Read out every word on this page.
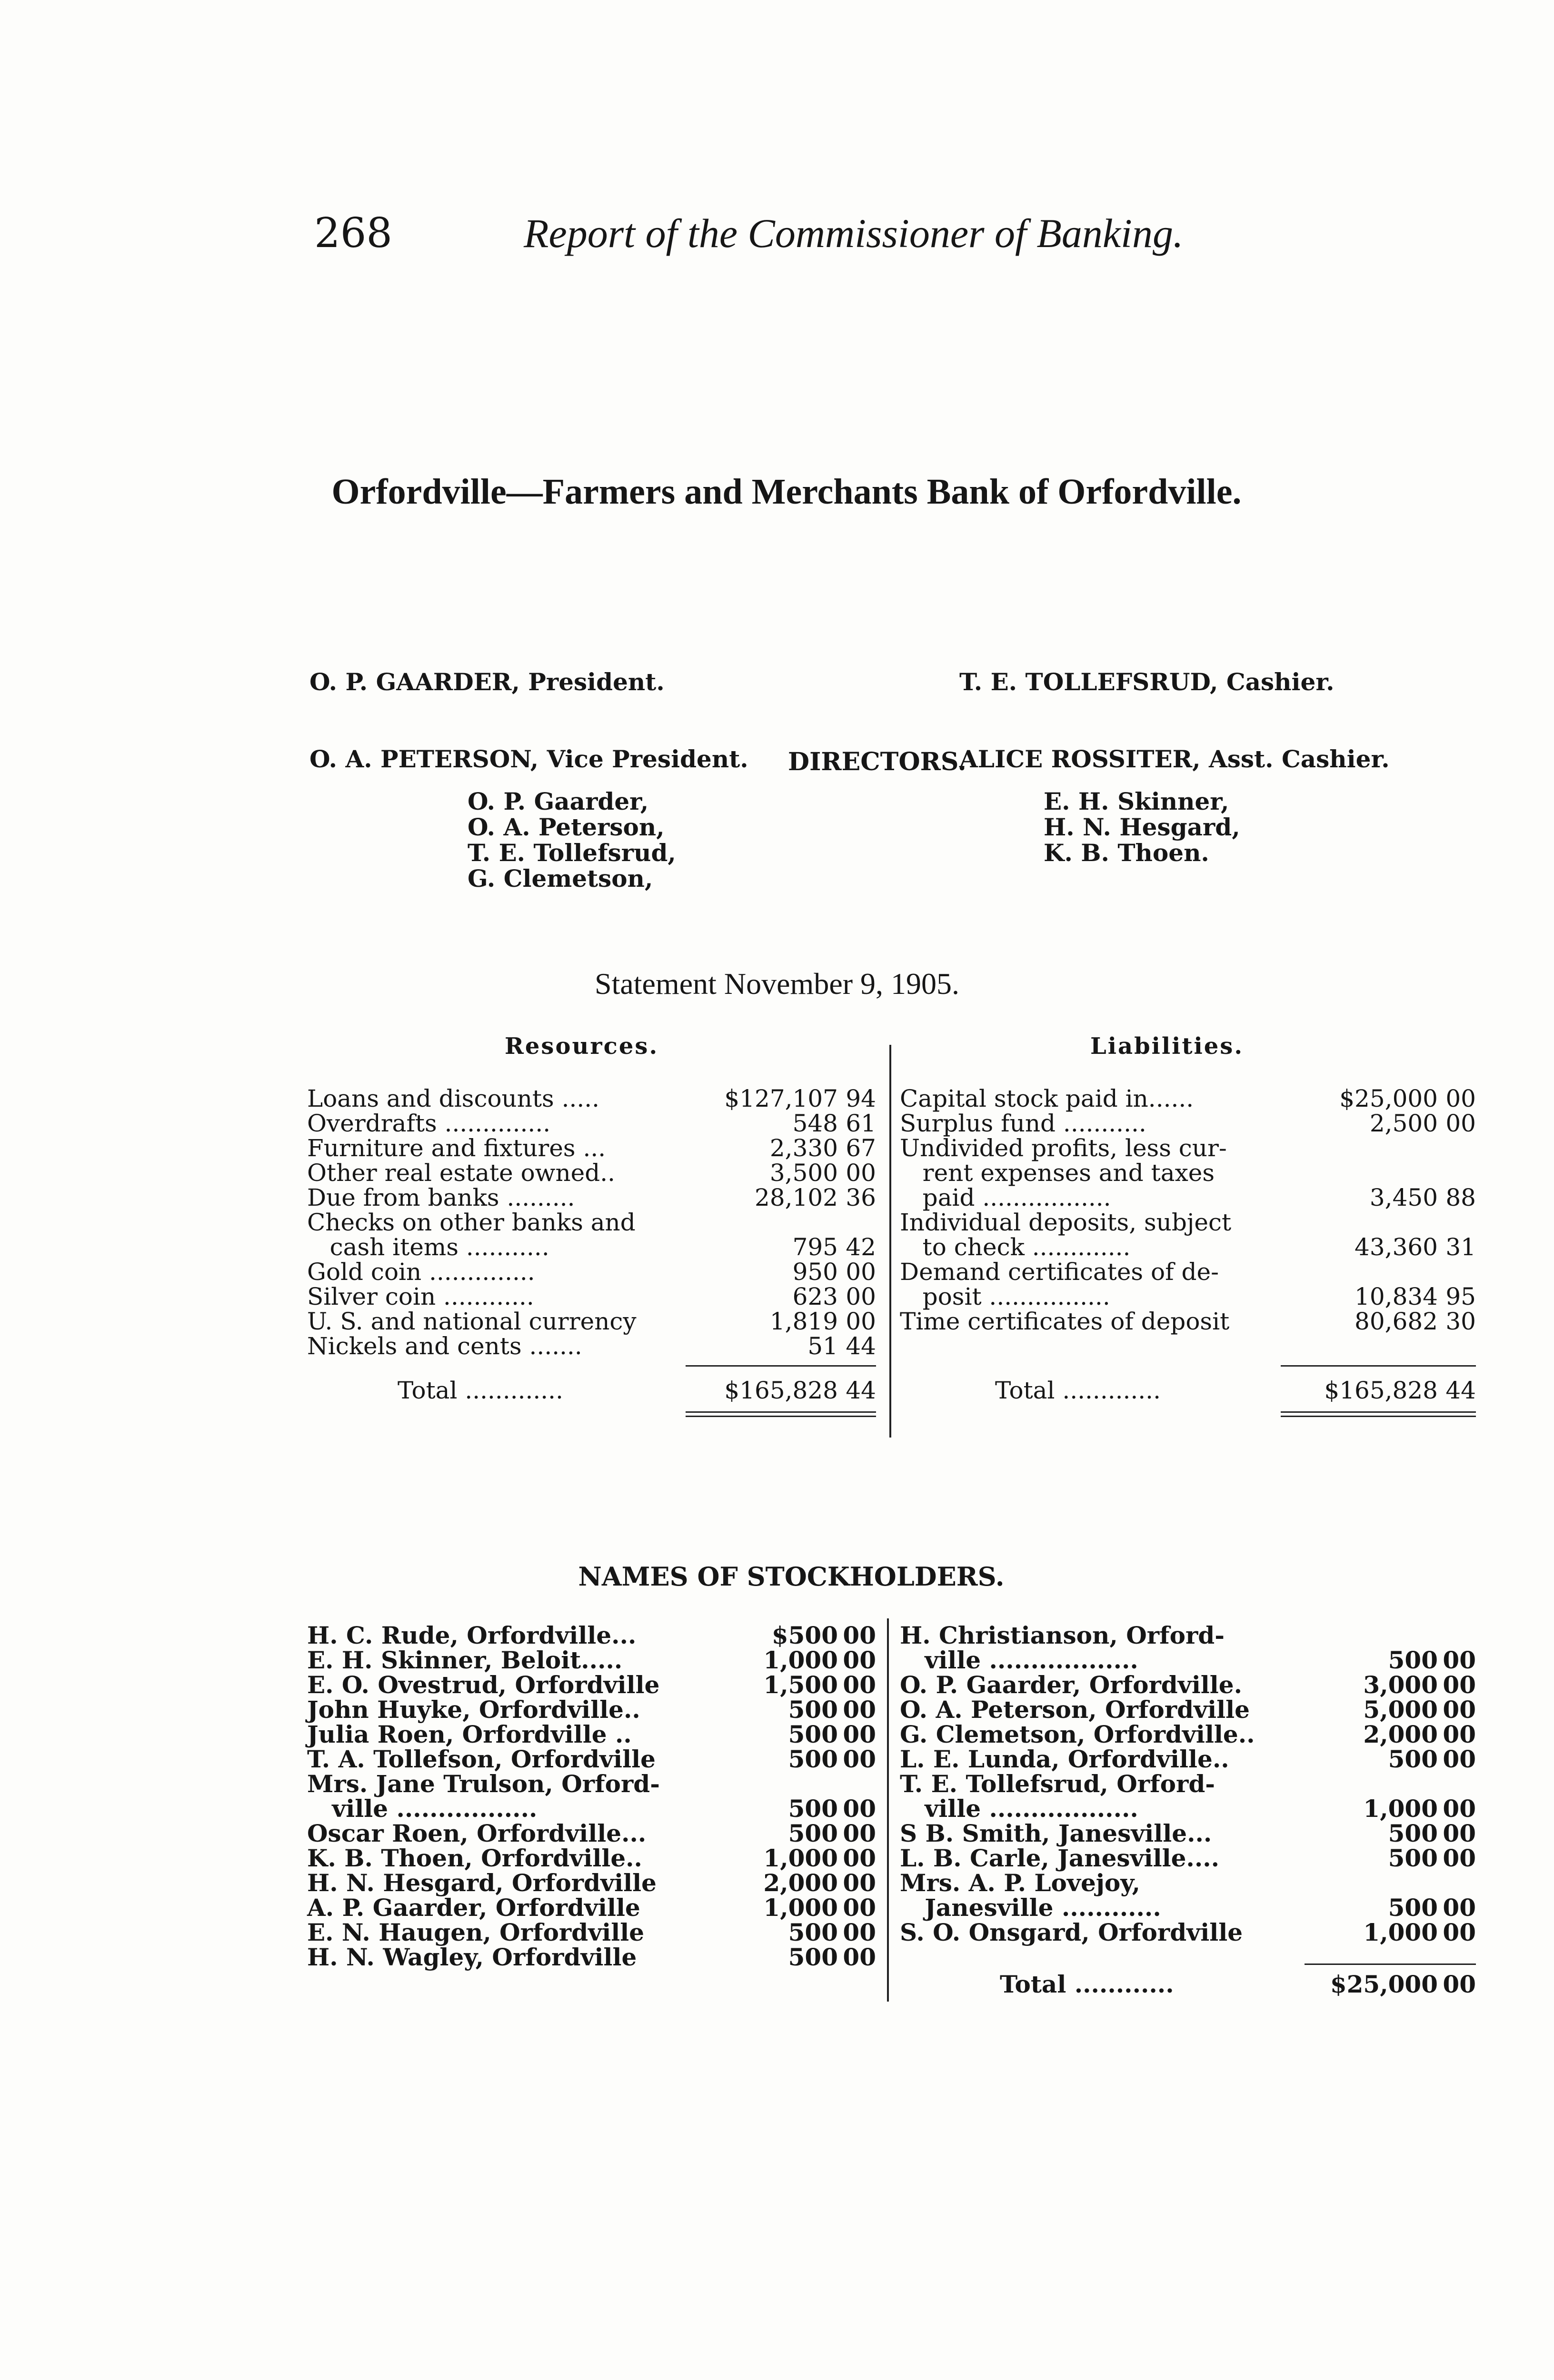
268	Report of the Commissioner of Banking.
Orfordville—Farmers and Merchants Bank of Orfordville.

O. P. GAARDER, President.

O. A. PETERSON, Vice President.

T. E. TOLLEFSRUD, Cashier.

ALICE ROSSITER, Asst. Cashier.

DIRECTORS.
O. P. Gaarder,
O. A. Peterson,
T. E. Tollefsrud,
G. Clemetson,
E. H. Skinner,
H. N. Hesgard,
K. B. Thoen.
Statement November 9, 1905.
Resources.	Liabilities.
Loans and discounts .....	$127,107 94
Overdrafts ..............	548 61
Furniture and fixtures ...	2,330 67
Other real estate owned..	3,500 00
Due from banks .........	28,102 36
Checks on other banks and
cash items ...........	795 42
Gold coin ..............	950 00
Silver coin ............	623 00
U. S. and national currency	1,819 00
Nickels and cents .......	51 44
Total .............	$165,828 44
Capital stock paid in......	$25,000 00
Surplus fund ...........	2,500 00
Undivided profits, less cur-
rent expenses and taxes
paid .................	3,450 88
Individual deposits, subject
to check .............	43,360 31
Demand certificates of de-
posit ................	10,834 95
Time certificates of deposit	80,682 30
Total .............	$165,828 44
NAMES OF STOCKHOLDERS.
H. C. Rude, Orfordville...	$500 00
E. H. Skinner, Beloit.....	1,000 00
E. O. Ovestrud, Orfordville	1,500 00
John Huyke, Orfordville..	500 00
Julia Roen, Orfordville ..	500 00
T. A. Tollefson, Orfordville	500 00
Mrs. Jane Trulson, Orford-
ville .................	500 00
Oscar Roen, Orfordville...	500 00
K. B. Thoen, Orfordville..	1,000 00
H. N. Hesgard, Orfordville	2,000 00
A. P. Gaarder, Orfordville	1,000 00
E. N. Haugen, Orfordville	500 00
H. N. Wagley, Orfordville	500 00
H. Christianson, Orford-
ville ..................	500 00
O. P. Gaarder, Orfordville.	3,000 00
O. A. Peterson, Orfordville	5,000 00
G. Clemetson, Orfordville..	2,000 00
L. E. Lunda, Orfordville..	500 00
T. E. Tollefsrud, Orford-
ville ..................	1,000 00
S B. Smith, Janesville...	500 00
L. B. Carle, Janesville....	500 00
Mrs. A. P. Lovejoy,
Janesville ............	500 00
S. O. Onsgard, Orfordville	1,000 00
Total ............	$25,000 00
